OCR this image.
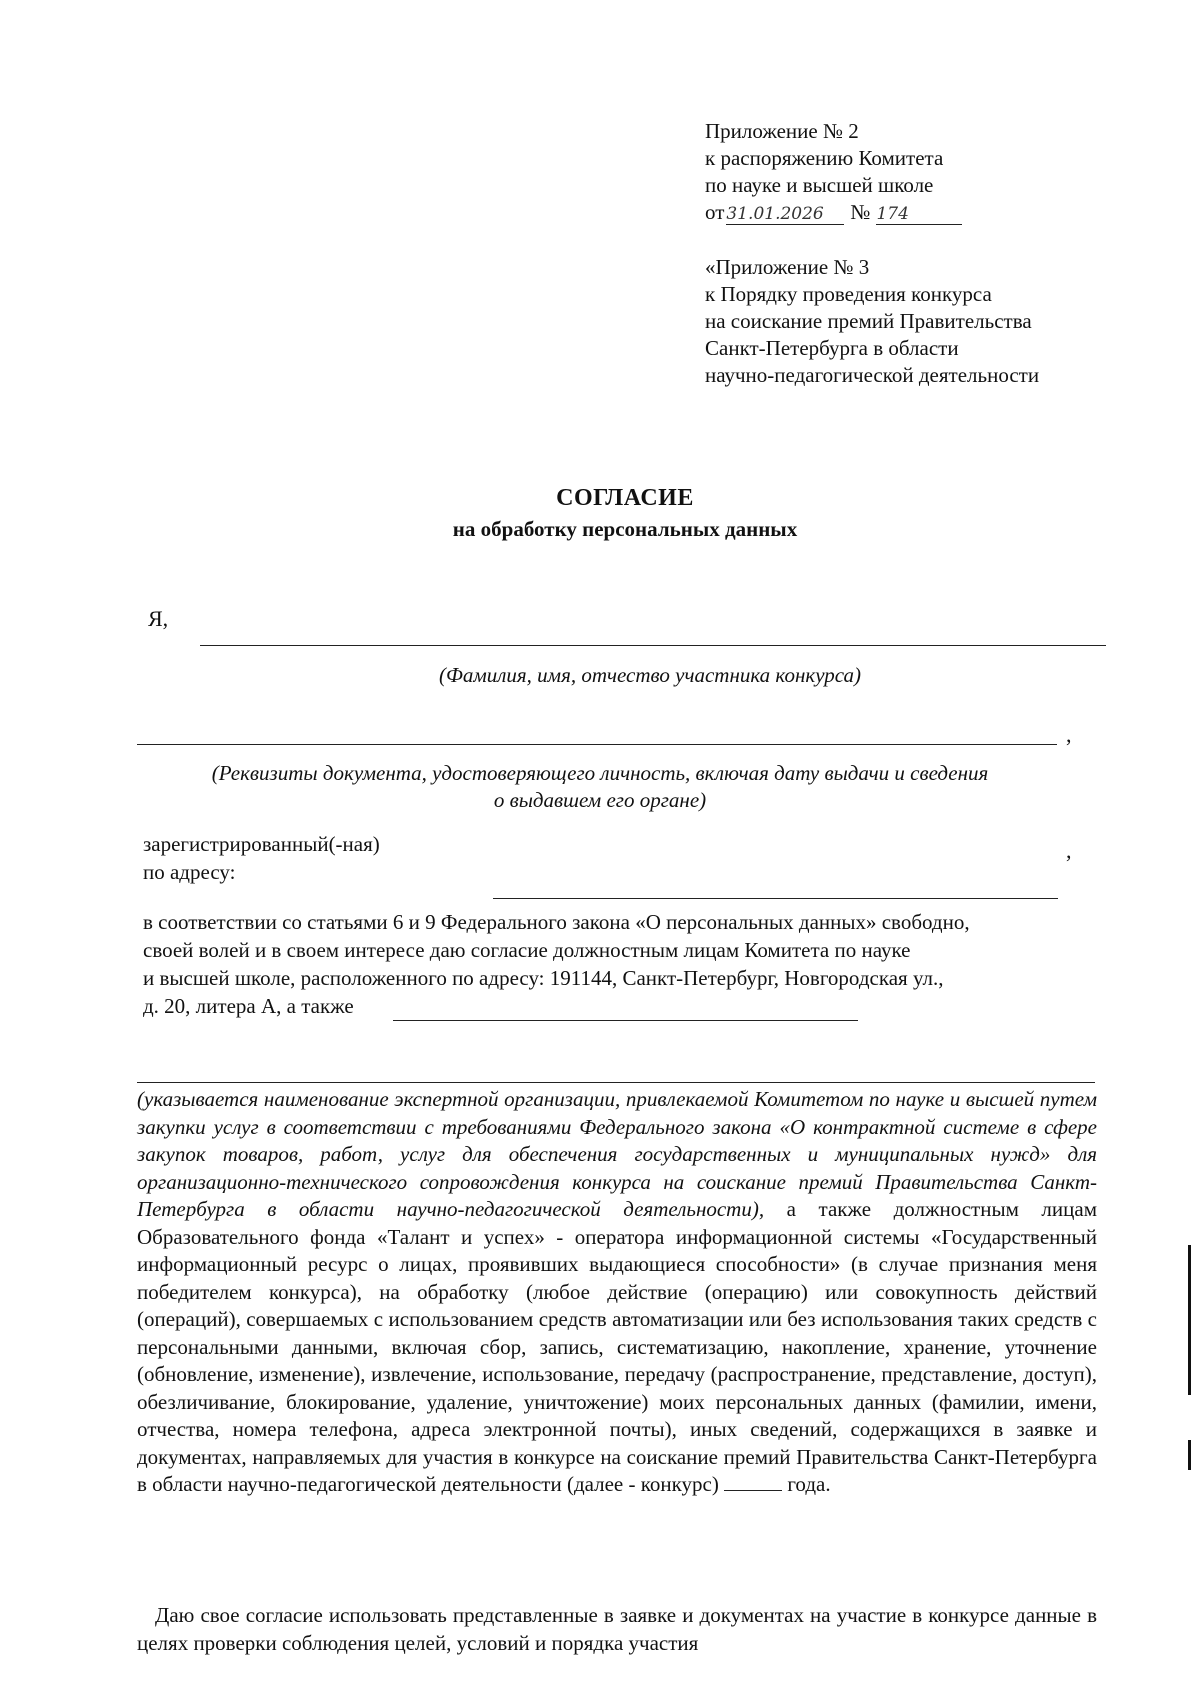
Приложение № 2
к распоряжению Комитета
по науке и высшей школе
от 31.01.2026 № 174
«Приложение № 3
к Порядку проведения конкурса
на соискание премий Правительства
Санкт-Петербурга в области
научно-педагогической деятельности
СОГЛАСИЕ
на обработку персональных данных
Я,
(Фамилия, имя, отчество участника конкурса)
,
(Реквизиты документа, удостоверяющего личность, включая дату выдачи и сведения
о выдавшем его органе)
зарегистрированный(-ная)
по адресу:
,
в соответствии со статьями 6 и 9 Федерального закона «О персональных данных» свободно,
своей волей и в своем интересе даю согласие должностным лицам Комитета по науке
и высшей школе, расположенного по адресу: 191144, Санкт-Петербург, Новгородская ул.,
д. 20, литера А, а также
(указывается наименование экспертной организации, привлекаемой Комитетом по науке и высшей путем закупки услуг в соответствии с требованиями Федерального закона «О контрактной системе в сфере закупок товаров, работ, услуг для обеспечения государственных и муниципальных нужд» для организационно-технического сопровождения конкурса на соискание премий Правительства Санкт-Петербурга в области научно-педагогической деятельности), а также должностным лицам Образовательного фонда «Талант и успех» - оператора информационной системы «Государственный информационный ресурс о лицах, проявивших выдающиеся способности» (в случае признания меня победителем конкурса), на обработку (любое действие (операцию) или совокупность действий (операций), совершаемых с использованием средств автоматизации или без использования таких средств с персональными данными, включая сбор, запись, систематизацию, накопление, хранение, уточнение (обновление, изменение), извлечение, использование, передачу (распространение, представление, доступ), обезличивание, блокирование, удаление, уничтожение) моих персональных данных (фамилии, имени, отчества, номера телефона, адреса электронной почты), иных сведений, содержащихся в заявке и документах, направляемых для участия в конкурсе на соискание премий Правительства Санкт-Петербурга в области научно-педагогической деятельности (далее - конкурс)	года.
Даю свое согласие использовать представленные в заявке и документах на участие в конкурсе данные в целях проверки соблюдения целей, условий и порядка участия
